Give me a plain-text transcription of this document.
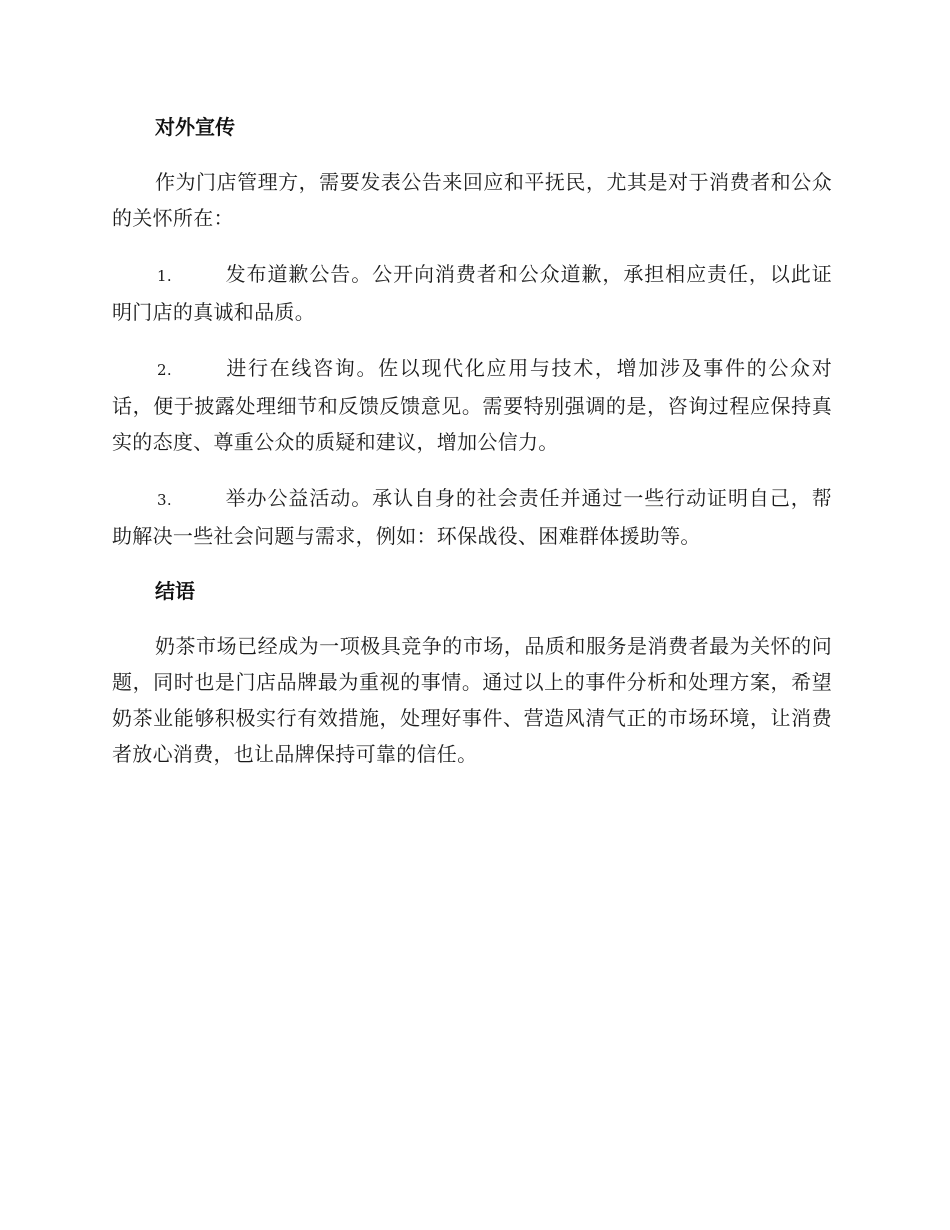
对外宣传

作为门店管理方，需要发表公告来回应和平抚民，尤其是对于消费者和公众的关怀所在：

1.	发布道歉公告。公开向消费者和公众道歉，承担相应责任，以此证明门店的真诚和品质。

2.	进行在线咨询。佐以现代化应用与技术，增加涉及事件的公众对话，便于披露处理细节和反馈反馈意见。需要特别强调的是，咨询过程应保持真实的态度、尊重公众的质疑和建议，增加公信力。

3.	举办公益活动。承认自身的社会责任并通过一些行动证明自己，帮助解决一些社会问题与需求，例如：环保战役、困难群体援助等。

结语

奶茶市场已经成为一项极具竞争的市场，品质和服务是消费者最为关怀的问题，同时也是门店品牌最为重视的事情。通过以上的事件分析和处理方案，希望奶茶业能够积极实行有效措施，处理好事件、营造风清气正的市场环境，让消费者放心消费，也让品牌保持可靠的信任。
